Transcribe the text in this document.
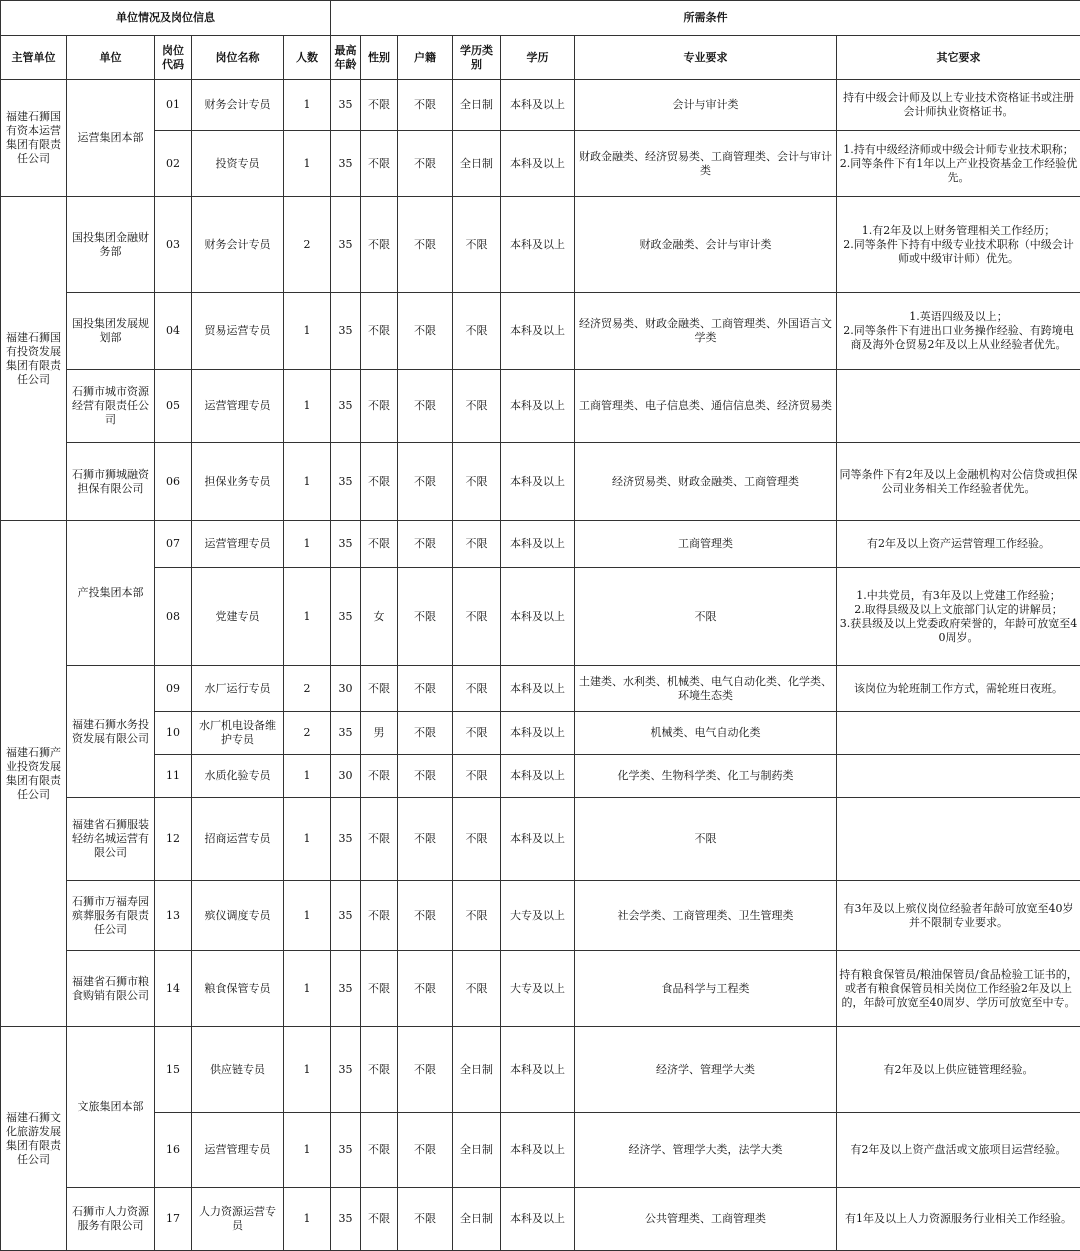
单位情况及岗位信息					所需条件						
主管单位	单位	岗位代码	岗位名称	人数	最高年龄	性别	户籍	学历类别	学历	专业要求	其它要求
福建石狮国有资本运营集团有限责任公司	运营集团本部	01	财务会计专员	1	35	不限	不限	全日制	本科及以上	会计与审计类	持有中级会计师及以上专业技术资格证书或注册会计师执业资格证书。
		02	投资专员	1	35	不限	不限	全日制	本科及以上	财政金融类、经济贸易类、工商管理类、会计与审计类	1.持有中级经济师或中级会计师专业技术职称；
2.同等条件下有1年以上产业投资基金工作经验优先。
福建石狮国有投资发展集团有限责任公司	国投集团金融财务部	03	财务会计专员	2	35	不限	不限	不限	本科及以上	财政金融类、会计与审计类	1.有2年及以上财务管理相关工作经历；
2.同等条件下持有中级专业技术职称（中级会计师或中级审计师）优先。
	国投集团发展规划部	04	贸易运营专员	1	35	不限	不限	不限	本科及以上	经济贸易类、财政金融类、工商管理类、外国语言文学类	1.英语四级及以上；
2.同等条件下有进出口业务操作经验、有跨境电商及海外仓贸易2年及以上从业经验者优先。
	石狮市城市资源经营有限责任公司	05	运营管理专员	1	35	不限	不限	不限	本科及以上	工商管理类、电子信息类、通信信息类、经济贸易类	
	石狮市狮城融资担保有限公司	06	担保业务专员	1	35	不限	不限	不限	本科及以上	经济贸易类、财政金融类、工商管理类	同等条件下有2年及以上金融机构对公信贷或担保公司业务相关工作经验者优先。
福建石狮产业投资发展集团有限责任公司	产投集团本部	07	运营管理专员	1	35	不限	不限	不限	本科及以上	工商管理类	有2年及以上资产运营管理工作经验。
		08	党建专员	1	35	女	不限	不限	本科及以上	不限	1.中共党员，有3年及以上党建工作经验；
2.取得县级及以上文旅部门认定的讲解员；
3.获县级及以上党委政府荣誉的，年龄可放宽至40周岁。
	福建石狮水务投资发展有限公司	09	水厂运行专员	2	30	不限	不限	不限	本科及以上	土建类、水利类、机械类、电气自动化类、化学类、环境生态类	该岗位为轮班制工作方式，需轮班日夜班。
		10	水厂机电设备维护专员	2	35	男	不限	不限	本科及以上	机械类、电气自动化类	
		11	水质化验专员	1	30	不限	不限	不限	本科及以上	化学类、生物科学类、化工与制药类	
	福建省石狮服装轻纺名城运营有限公司	12	招商运营专员	1	35	不限	不限	不限	本科及以上	不限	
	石狮市万福寿园殡葬服务有限责任公司	13	殡仪调度专员	1	35	不限	不限	不限	大专及以上	社会学类、工商管理类、卫生管理类	有3年及以上殡仪岗位经验者年龄可放宽至40岁并不限制专业要求。
	福建省石狮市粮食购销有限公司	14	粮食保管专员	1	35	不限	不限	不限	大专及以上	食品科学与工程类	持有粮食保管员/粮油保管员/食品检验工证书的，或者有粮食保管员相关岗位工作经验2年及以上的，年龄可放宽至40周岁、学历可放宽至中专。
福建石狮文化旅游发展集团有限责任公司	文旅集团本部	15	供应链专员	1	35	不限	不限	全日制	本科及以上	经济学、管理学大类	有2年及以上供应链管理经验。
		16	运营管理专员	1	35	不限	不限	全日制	本科及以上	经济学、管理学大类，法学大类	有2年及以上资产盘活或文旅项目运营经验。
	石狮市人力资源服务有限公司	17	人力资源运营专员	1	35	不限	不限	全日制	本科及以上	公共管理类、工商管理类	有1年及以上人力资源服务行业相关工作经验。
